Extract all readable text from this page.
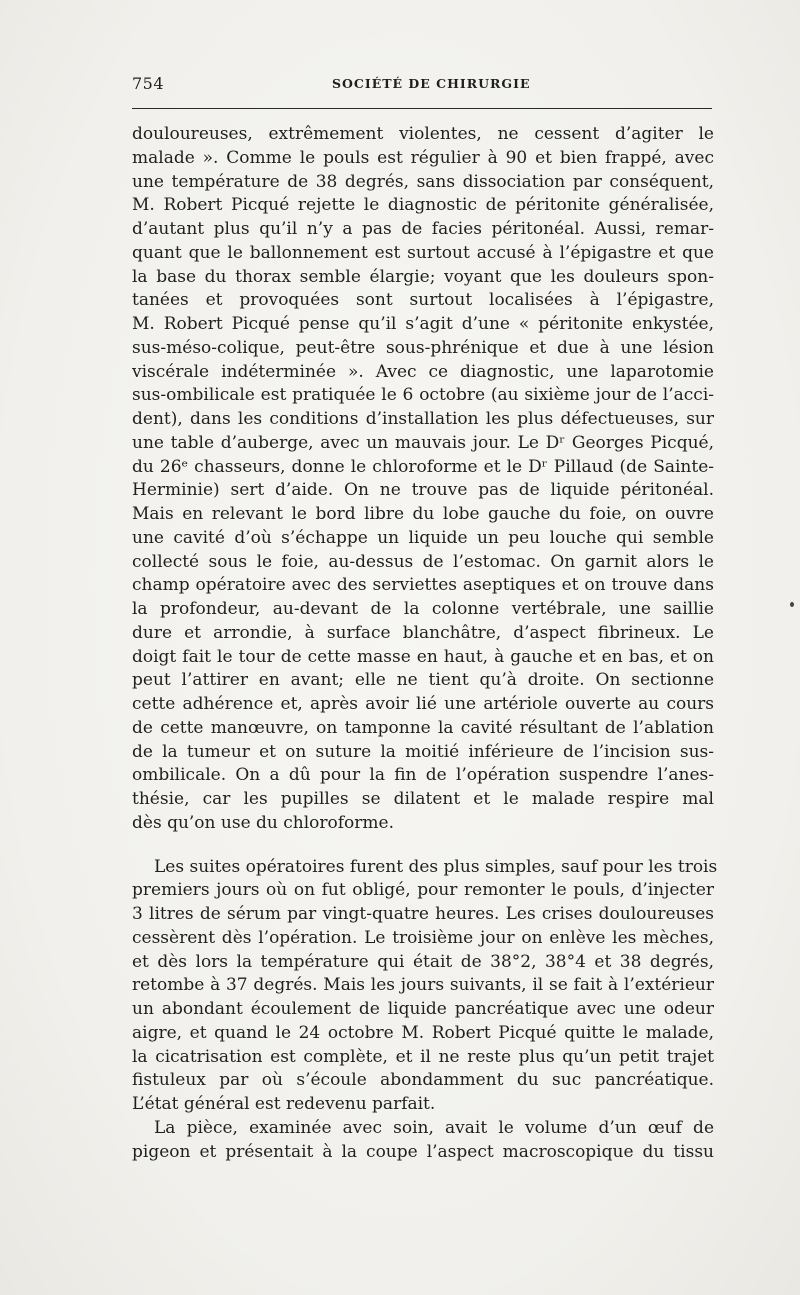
754	SOCIÉTÉ DE CHIRURGIE
douloureuses, extrêmement violentes, ne cessent d’agiter le
malade ». Comme le pouls est régulier à 90 et bien frappé, avec
une température de 38 degrés, sans dissociation par conséquent,
M. Robert Picqué rejette le diagnostic de péritonite généralisée,
d’autant plus qu’il n’y a pas de facies péritonéal. Aussi, remar-
quant que le ballonnement est surtout accusé à l’épigastre et que
la base du thorax semble élargie; voyant que les douleurs spon-
tanées et provoquées sont surtout localisées à l’épigastre,
M. Robert Picqué pense qu’il s’agit d’une « péritonite enkystée,
sus-méso-colique, peut-être sous-phrénique et due à une lésion
viscérale indéterminée ». Avec ce diagnostic, une laparotomie
sus-ombilicale est pratiquée le 6 octobre (au sixième jour de l’acci-
dent), dans les conditions d’installation les plus défectueuses, sur
une table d’auberge, avec un mauvais jour. Le Dʳ Georges Picqué,
du 26ᵉ chasseurs, donne le chloroforme et le Dʳ Pillaud (de Sainte-
Herminie) sert d’aide. On ne trouve pas de liquide péritonéal.
Mais en relevant le bord libre du lobe gauche du foie, on ouvre
une cavité d’où s’échappe un liquide un peu louche qui semble
collecté sous le foie, au-dessus de l’estomac. On garnit alors le
champ opératoire avec des serviettes aseptiques et on trouve dans
la profondeur, au-devant de la colonne vertébrale, une saillie
dure et arrondie, à surface blanchâtre, d’aspect fibrineux. Le
doigt fait le tour de cette masse en haut, à gauche et en bas, et on
peut l’attirer en avant; elle ne tient qu’à droite. On sectionne
cette adhérence et, après avoir lié une artériole ouverte au cours
de cette manœuvre, on tamponne la cavité résultant de l’ablation
de la tumeur et on suture la moitié inférieure de l’incision sus-
ombilicale. On a dû pour la fin de l’opération suspendre l’anes-
thésie, car les pupilles se dilatent et le malade respire mal
dès qu’on use du chloroforme.
Les suites opératoires furent des plus simples, sauf pour les trois
premiers jours où on fut obligé, pour remonter le pouls, d’injecter
3 litres de sérum par vingt-quatre heures. Les crises douloureuses
cessèrent dès l’opération. Le troisième jour on enlève les mèches,
et dès lors la température qui était de 38°2, 38°4 et 38 degrés,
retombe à 37 degrés. Mais les jours suivants, il se fait à l’extérieur
un abondant écoulement de liquide pancréatique avec une odeur
aigre, et quand le 24 octobre M. Robert Picqué quitte le malade,
la cicatrisation est complète, et il ne reste plus qu’un petit trajet
fistuleux par où s’écoule abondamment du suc pancréatique.
L’état général est redevenu parfait.
La pièce, examinée avec soin, avait le volume d’un œuf de
pigeon et présentait à la coupe l’aspect macroscopique du tissu
